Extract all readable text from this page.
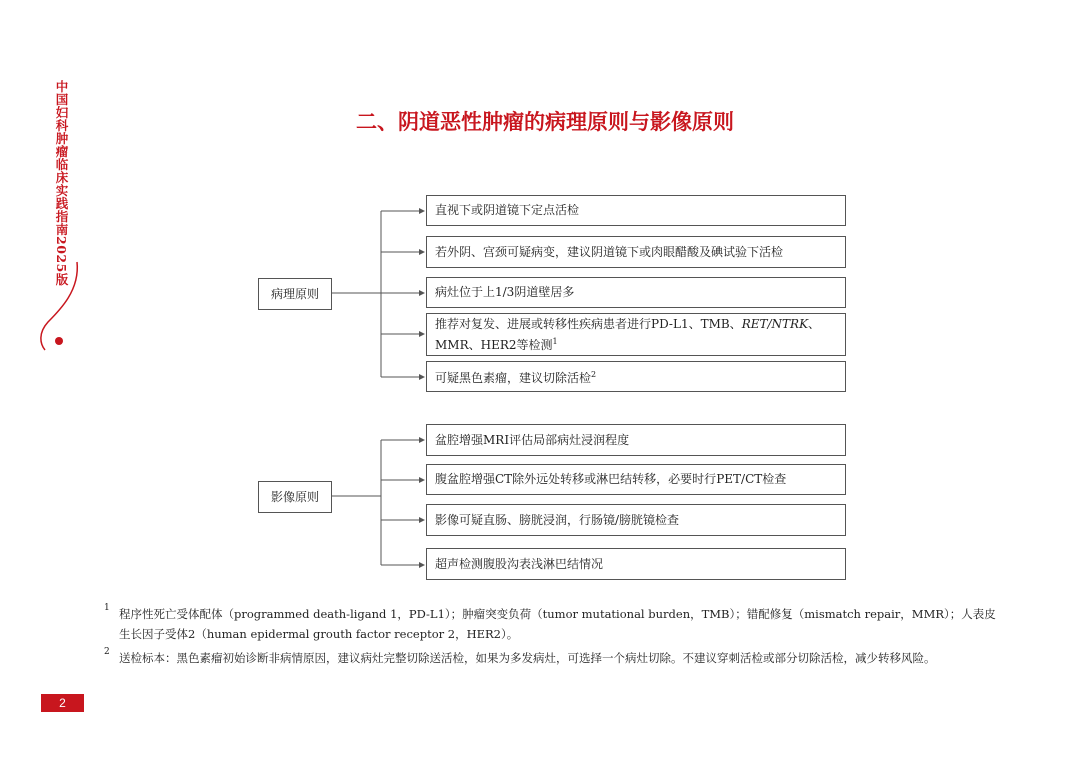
中国妇科肿瘤临床实践指南2025版	二、阴道恶性肿瘤的病理原则与影像原则
病理原则
直视下或阴道镜下定点活检
若外阴、宫颈可疑病变，建议阴道镜下或肉眼醋酸及碘试验下活检
病灶位于上1/3阴道壁居多
推荐对复发、进展或转移性疾病患者进行PD-L1、TMB、RET/NTRK、
MMR、HER2等检测$^1$
可疑黑色素瘤，建议切除活检$^2$
影像原则
盆腔增强MRI评估局部病灶浸润程度
腹盆腔增强CT除外远处转移或淋巴结转移，必要时行PET/CT检查
影像可疑直肠、膀胱浸润，行肠镜/膀胱镜检查
超声检测腹股沟表浅淋巴结情况
1 程序性死亡受体配体（programmed death-ligand 1，PD-L1）；肿瘤突变负荷（tumor mutational burden，TMB）；错配修复（mismatch repair，MMR）；人表皮生长因子受体2（human epidermal grouth factor receptor 2，HER2）。
2 送检标本：黑色素瘤初始诊断非病情原因，建议病灶完整切除送活检，如果为多发病灶，可选择一个病灶切除。不建议穿刺活检或部分切除活检，减少转移风险。
2
